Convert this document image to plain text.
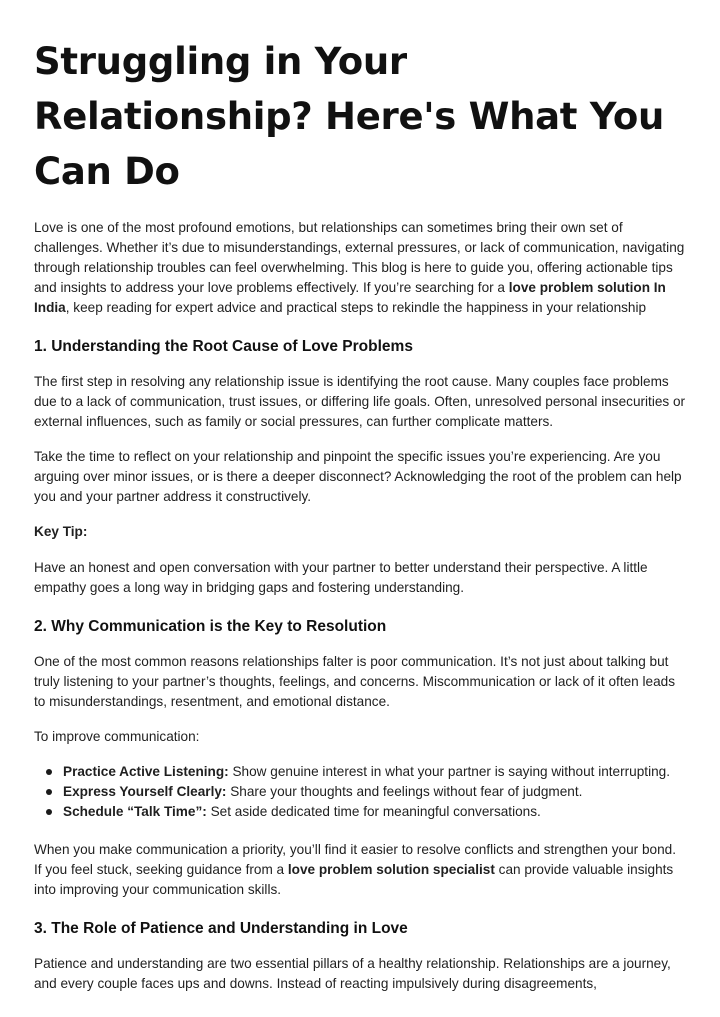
Struggling in Your Relationship? Here's What You Can Do

Love is one of the most profound emotions, but relationships can sometimes bring their own set of challenges. Whether it’s due to misunderstandings, external pressures, or lack of communication, navigating through relationship troubles can feel overwhelming. This blog is here to guide you, offering actionable tips and insights to address your love problems effectively. If you’re searching for a love problem solution In India, keep reading for expert advice and practical steps to rekindle the happiness in your relationship

1. Understanding the Root Cause of Love Problems

The first step in resolving any relationship issue is identifying the root cause. Many couples face problems due to a lack of communication, trust issues, or differing life goals. Often, unresolved personal insecurities or external influences, such as family or social pressures, can further complicate matters.

Take the time to reflect on your relationship and pinpoint the specific issues you’re experiencing. Are you arguing over minor issues, or is there a deeper disconnect? Acknowledging the root of the problem can help you and your partner address it constructively.

Key Tip:

Have an honest and open conversation with your partner to better understand their perspective. A little empathy goes a long way in bridging gaps and fostering understanding.

2. Why Communication is the Key to Resolution

One of the most common reasons relationships falter is poor communication. It’s not just about talking but truly listening to your partner’s thoughts, feelings, and concerns. Miscommunication or lack of it often leads to misunderstandings, resentment, and emotional distance.

To improve communication:

Practice Active Listening: Show genuine interest in what your partner is saying without interrupting.
Express Yourself Clearly: Share your thoughts and feelings without fear of judgment.
Schedule “Talk Time”: Set aside dedicated time for meaningful conversations.

When you make communication a priority, you’ll find it easier to resolve conflicts and strengthen your bond. If you feel stuck, seeking guidance from a love problem solution specialist can provide valuable insights into improving your communication skills.

3. The Role of Patience and Understanding in Love

Patience and understanding are two essential pillars of a healthy relationship. Relationships are a journey, and every couple faces ups and downs. Instead of reacting impulsively during disagreements,
